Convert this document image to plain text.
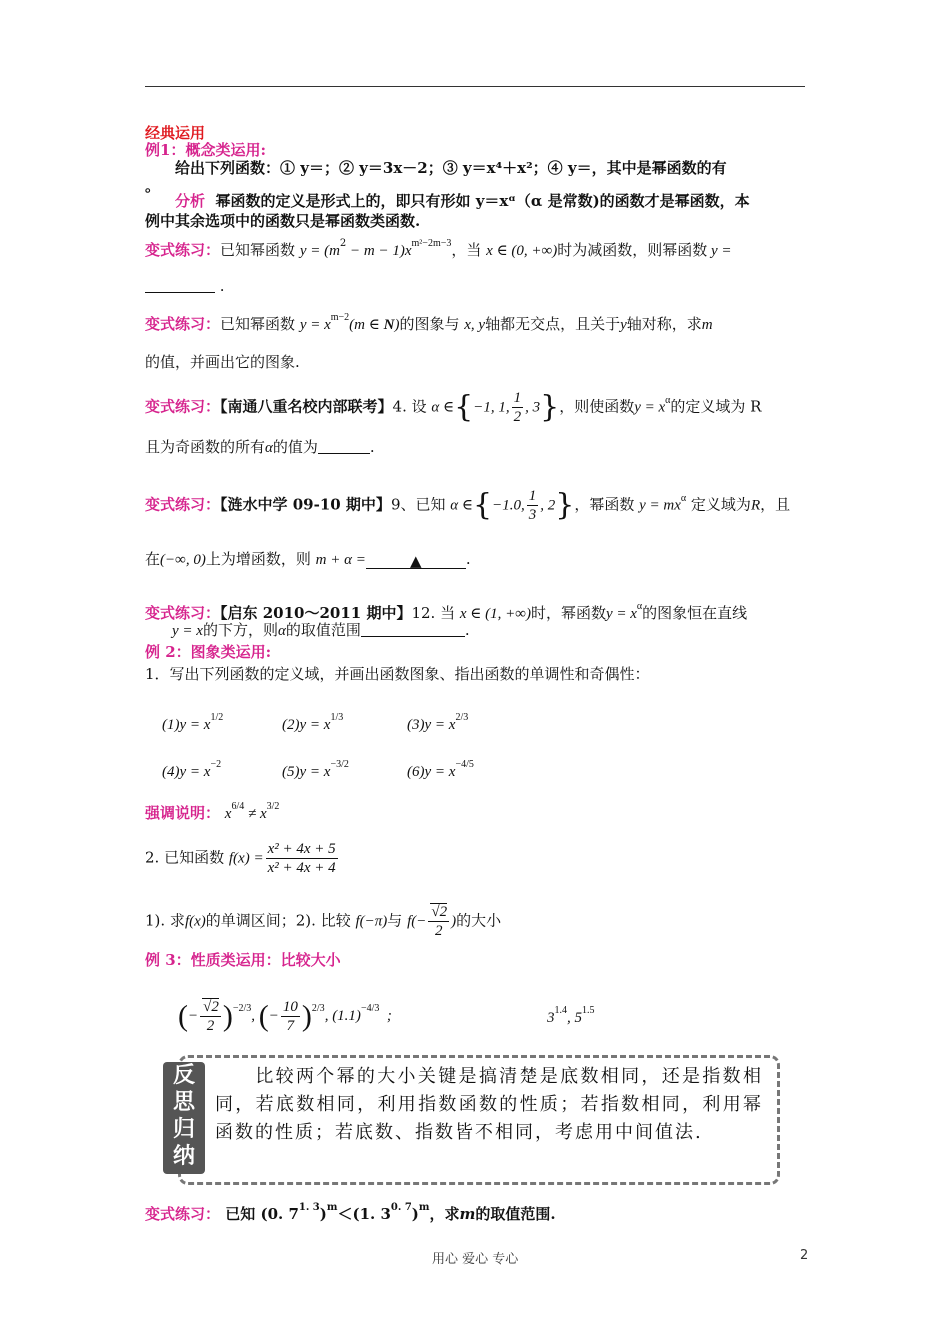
经典运用
例1：概念类运用:
给出下列函数：① y＝；② y＝3x－2；③ y＝x⁴＋x²；④ y＝，其中是幂函数的有
。
分析 幂函数的定义是形式上的，即只有形如 y＝xᵅ（α 是常数)的函数才是幂函数，本
例中其余选项中的函数只是幂函数类函数.
变式练习：已知幂函数 y = (m2 − m − 1)xm²−2m−3，当 x ∈ (0, +∞)时为减函数，则幂函数 y =
.
变式练习：已知幂函数 y = xm−2(m ∈ N)的图象与 x, y轴都无交点，且关于y轴对称，求m
的值，并画出它的图象.
变式练习：【南通八重名校内部联考】4. 设 α ∈{−1, 1, $\frac{1}{2}$ , 3}，则使函数y = xα的定义域为 R
且为奇函数的所有α的值为	.
变式练习：【涟水中学 09-10 期中】9、已知 α ∈{−1.0, $\frac{1}{3}$ , 2}，幂函数 y = mxα 定义域为R，且
在(−∞, 0)上为增函数，则 m + α =	▲	.
变式练习：【启东 2010～2011 期中】12. 当 x ∈ (1, +∞)时，幂函数y = xα的图象恒在直线
y = x的下方，则α的取值范围	.
例 2：图象类运用:
1．写出下列函数的定义域，并画出函数图象、指出函数的单调性和奇偶性：
(1)y = x1/2	(2)y = x1/3	(3)y = x2/3
(4)y = x−2	(5)y = x−3/2	(6)y = x−4/5
强调说明： x6/4 ≠ x3/2
2. 已知函数 $f(x) = \frac{\text{x² + 4x + 5}}{\text{x² + 4x + 4}}$
1). 求f(x)的单调区间；2). 比较 f(−π)与 $f(- \frac{√2}{2}$ )的大小
例 3：性质类运用：比较大小
(− $\frac{√2}{2} )-2/3$, (− $\frac{10}{7} )2/3$, (1.1)−4/3  ;	31.4, 51.5
反思归纳
比较两个幂的大小关键是搞清楚是底数相同，还是指数相同，若底数相同，利用指数函数的性质；若指数相同，利用幂函数的性质；若底数、指数皆不相同，考虑用中间值法.
变式练习： 已知 (0. 71. 3)m＜(1. 30. 7)m，求m的取值范围.
用心 爱心 专心	2
